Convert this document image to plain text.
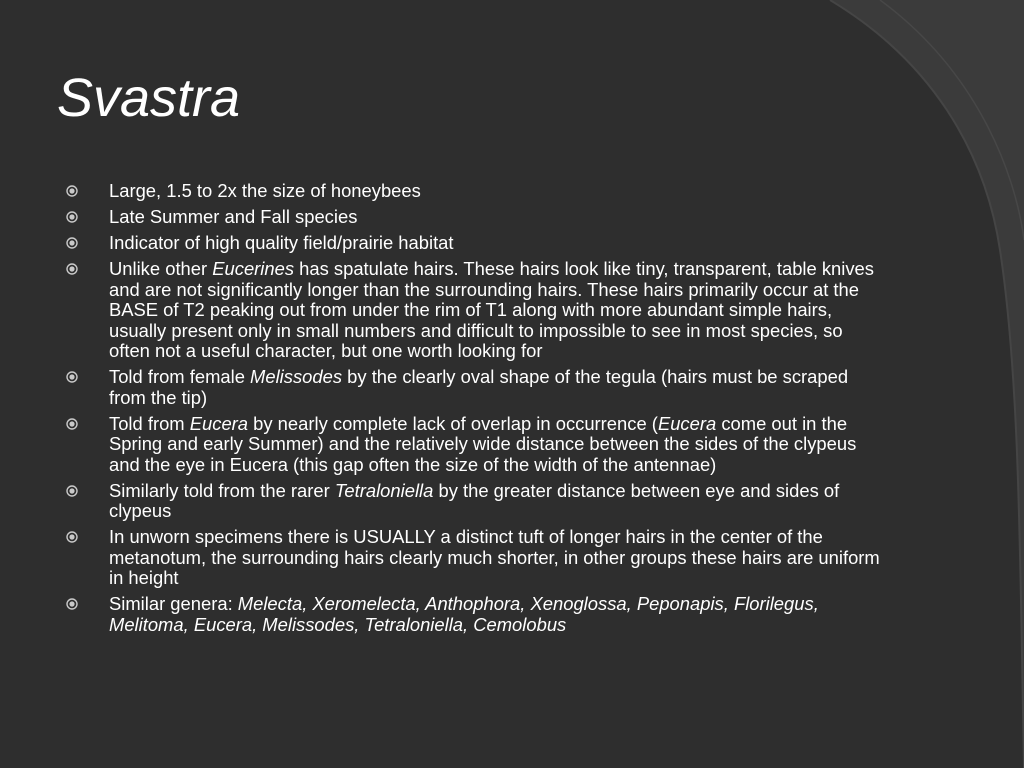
Svastra
Large, 1.5 to 2x the size of honeybees
Late Summer and Fall species
Indicator of high quality field/prairie habitat
Unlike other Eucerines has spatulate hairs. These hairs look like tiny, transparent, table knives and are not significantly longer than the surrounding hairs. These hairs primarily occur at the BASE of T2 peaking out from under the rim of T1 along with more abundant simple hairs, usually present only in small numbers and difficult to impossible to see in most species, so often not a useful character, but one worth looking for
Told from female Melissodes by the clearly oval shape of the tegula (hairs must be scraped from the tip)
Told from Eucera by nearly complete lack of overlap in occurrence (Eucera come out in the Spring and early Summer) and the relatively wide distance between the sides of the clypeus and the eye in Eucera (this gap often the size of the width of the antennae)
Similarly told from the rarer Tetraloniella by the greater distance between eye and sides of clypeus
In unworn specimens there is USUALLY a distinct tuft of longer hairs in the center of the metanotum, the surrounding hairs clearly much shorter, in other groups these hairs are uniform in height
Similar genera: Melecta, Xeromelecta, Anthophora, Xenoglossa, Peponapis, Florilegus, Melitoma, Eucera, Melissodes, Tetraloniella, Cemolobus
